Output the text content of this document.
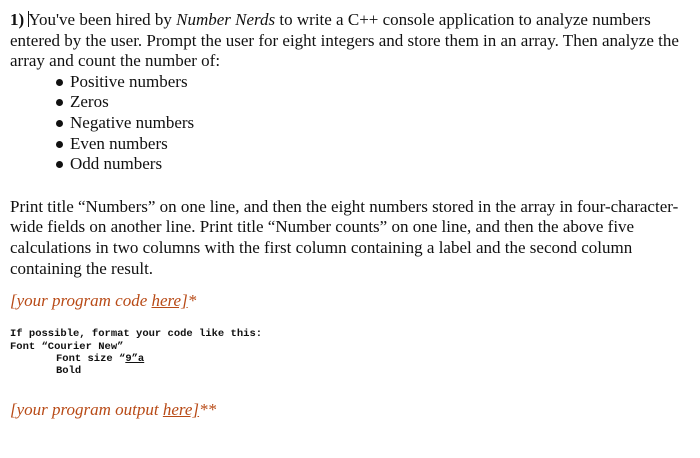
1) You've been hired by Number Nerds to write a C++ console application to analyze numbers entered by the user. Prompt the user for eight integers and store them in an array. Then analyze the array and count the number of:

Positive numbers
Zeros
Negative numbers
Even numbers
Odd numbers

Print title “Numbers” on one line, and then the eight numbers stored in the array in four-character-wide fields on another line. Print title “Number counts” on one line, and then the above five calculations in two columns with the first column containing a label and the second column containing the result.

[your program code here]*
If possible, format your code like this:
Font “Courier New”

Font size “9”a
Bold
[your program output here]**
